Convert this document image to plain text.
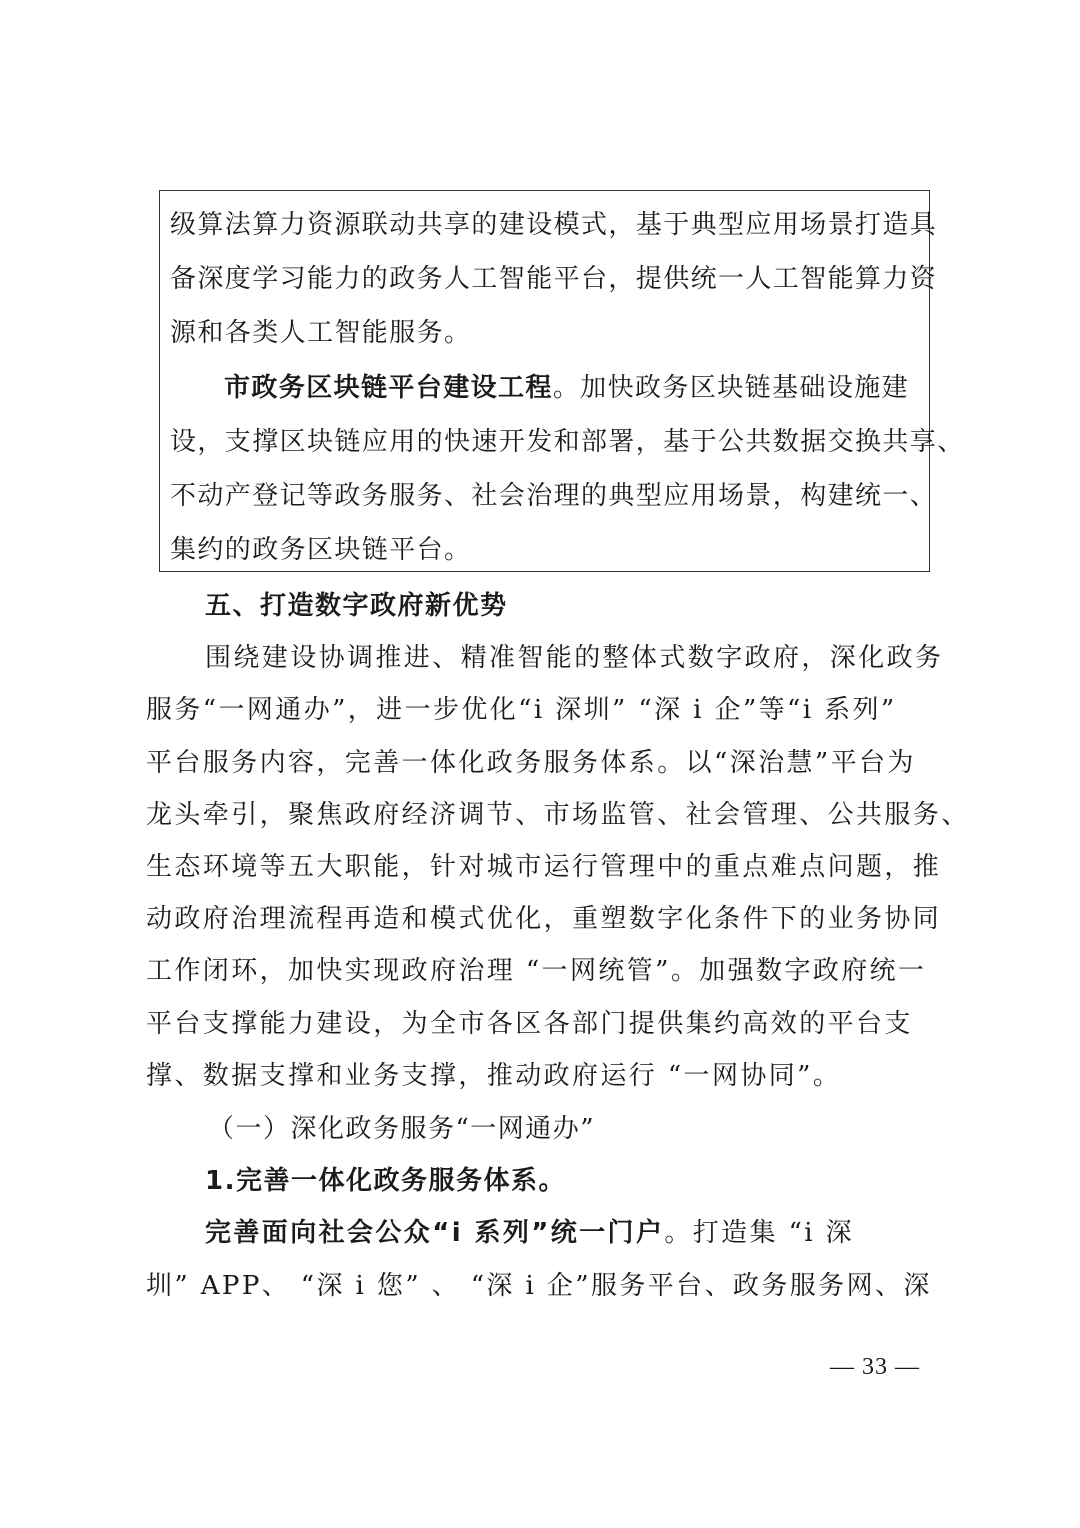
级算法算力资源联动共享的建设模式，基于典型应用场景打造具

备深度学习能力的政务人工智能平台，提供统一人工智能算力资

源和各类人工智能服务。

市政务区块链平台建设工程。加快政务区块链基础设施建

设，支撑区块链应用的快速开发和部署，基于公共数据交换共享、

不动产登记等政务服务、社会治理的典型应用场景，构建统一、

集约的政务区块链平台。

五、打造数字政府新优势

围绕建设协调推进、精准智能的整体式数字政府，深化政务

服务“一网通办”，进一步优化“i 深圳” “深 i 企”等“i 系列”

平台服务内容，完善一体化政务服务体系。以“深治慧”平台为

龙头牵引，聚焦政府经济调节、市场监管、社会管理、公共服务、

生态环境等五大职能，针对城市运行管理中的重点难点问题，推

动政府治理流程再造和模式优化，重塑数字化条件下的业务协同

工作闭环，加快实现政府治理 “一网统管”。加强数字政府统一

平台支撑能力建设，为全市各区各部门提供集约高效的平台支

撑、数据支撑和业务支撑，推动政府运行 “一网协同”。

（一）深化政务服务“一网通办”

1.完善一体化政务服务体系。

完善面向社会公众“i 系列”统一门户。打造集 “i 深

圳” APP、 “深 i 您” 、 “深 i 企”服务平台、政务服务网、深

— 33 —
